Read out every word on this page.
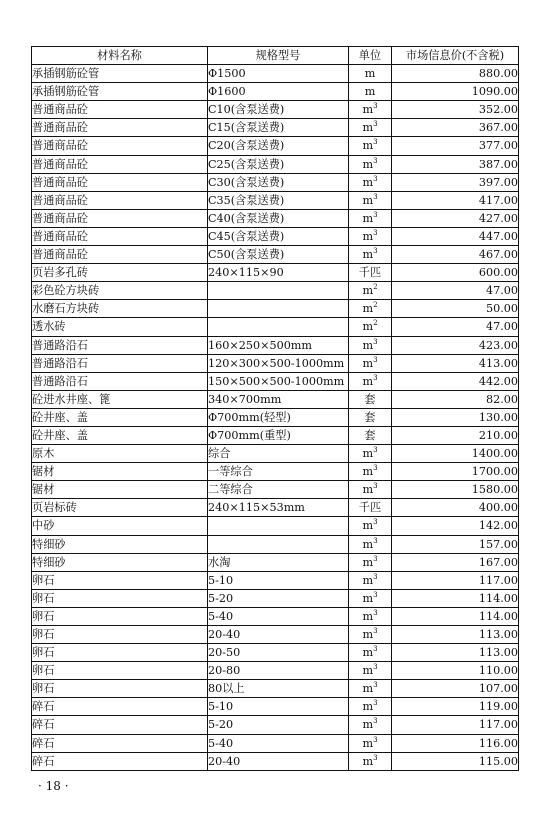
材料名称	规格型号	单位	市场信息价(不含税)
承插钢筋砼管	Φ1500	m	880.00
承插钢筋砼管	Φ1600	m	1090.00
普通商品砼	C10(含泵送费)	$m^3$	352.00
普通商品砼	C15(含泵送费)	$m^3$	367.00
普通商品砼	C20(含泵送费)	$m^3$	377.00
普通商品砼	C25(含泵送费)	$m^3$	387.00
普通商品砼	C30(含泵送费)	$m^3$	397.00
普通商品砼	C35(含泵送费)	$m^3$	417.00
普通商品砼	C40(含泵送费)	$m^3$	427.00
普通商品砼	C45(含泵送费)	$m^3$	447.00
普通商品砼	C50(含泵送费)	$m^3$	467.00
页岩多孔砖	240×115×90	千匹	600.00
彩色砼方块砖		$m^2$	47.00
水磨石方块砖		$m^2$	50.00
透水砖		$m^2$	47.00
普通路沿石	160×250×500mm	$m^3$	423.00
普通路沿石	120×300×500-1000mm	$m^3$	413.00
普通路沿石	150×500×500-1000mm	$m^3$	442.00
砼进水井座、篦	340×700mm	套	82.00
砼井座、盖	Φ700mm(轻型)	套	130.00
砼井座、盖	Φ700mm(重型)	套	210.00
原木	综合	$m^3$	1400.00
锯材	一等综合	$m^3$	1700.00
锯材	二等综合	$m^3$	1580.00
页岩标砖	240×115×53mm	千匹	400.00
中砂		$m^3$	142.00
特细砂		$m^3$	157.00
特细砂	水淘	$m^3$	167.00
卵石	5-10	$m^3$	117.00
卵石	5-20	$m^3$	114.00
卵石	5-40	$m^3$	114.00
卵石	20-40	$m^3$	113.00
卵石	20-50	$m^3$	113.00
卵石	20-80	$m^3$	110.00
卵石	80以上	$m^3$	107.00
碎石	5-10	$m^3$	119.00
碎石	5-20	$m^3$	117.00
碎石	5-40	$m^3$	116.00
碎石	20-40	$m^3$	115.00
· 18 ·
